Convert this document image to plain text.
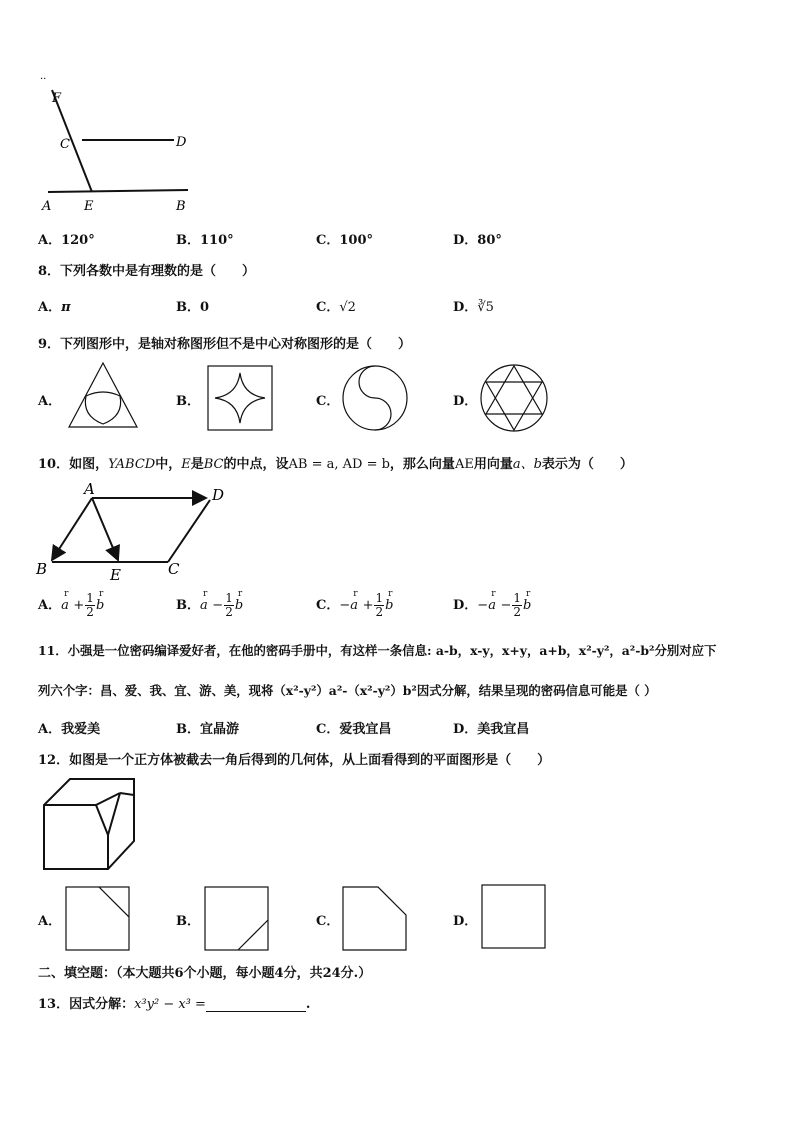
··
F
C	D
A	E	B
A．120°	B．110°	C．100°	D．80°
8．下列各数中是有理数的是（　　）
A．π	B．0	C．√2	D．∛5
9．下列图形中，是轴对称图形但不是中心对称图形的是（　　）
A．	B．	C．	D．
10．如图，YABCD中，E是BC的中点，设AB = a, AD = b，那么向量AE用向量a、b表示为（　　）
A	D
B	E	C
A．r $a + \frac{1}{2}$ r b	B．r $a - \frac{1}{2}$ r b	C．−r $a + \frac{1}{2}$ r b	D．−r $a - \frac{1}{2}$ r b
11．小强是一位密码编译爱好者，在他的密码手册中，有这样一条信息: a-b，x-y，x+y，a+b，x²-y²，a²-b²分别对应下
列六个字：昌、爱、我、宜、游、美，现将（x²-y²）a²-（x²-y²）b²因式分解，结果呈现的密码信息可能是（ ）
A．我爱美	B．宜晶游	C．爱我宜昌	D．美我宜昌
12．如图是一个正方体被截去一角后得到的几何体，从上面看得到的平面图形是（　　）
A．	B．	C．	D．
二、填空题：（本大题共6个小题，每小题4分，共24分.）
13．因式分解：x³y² − x³ =	.
